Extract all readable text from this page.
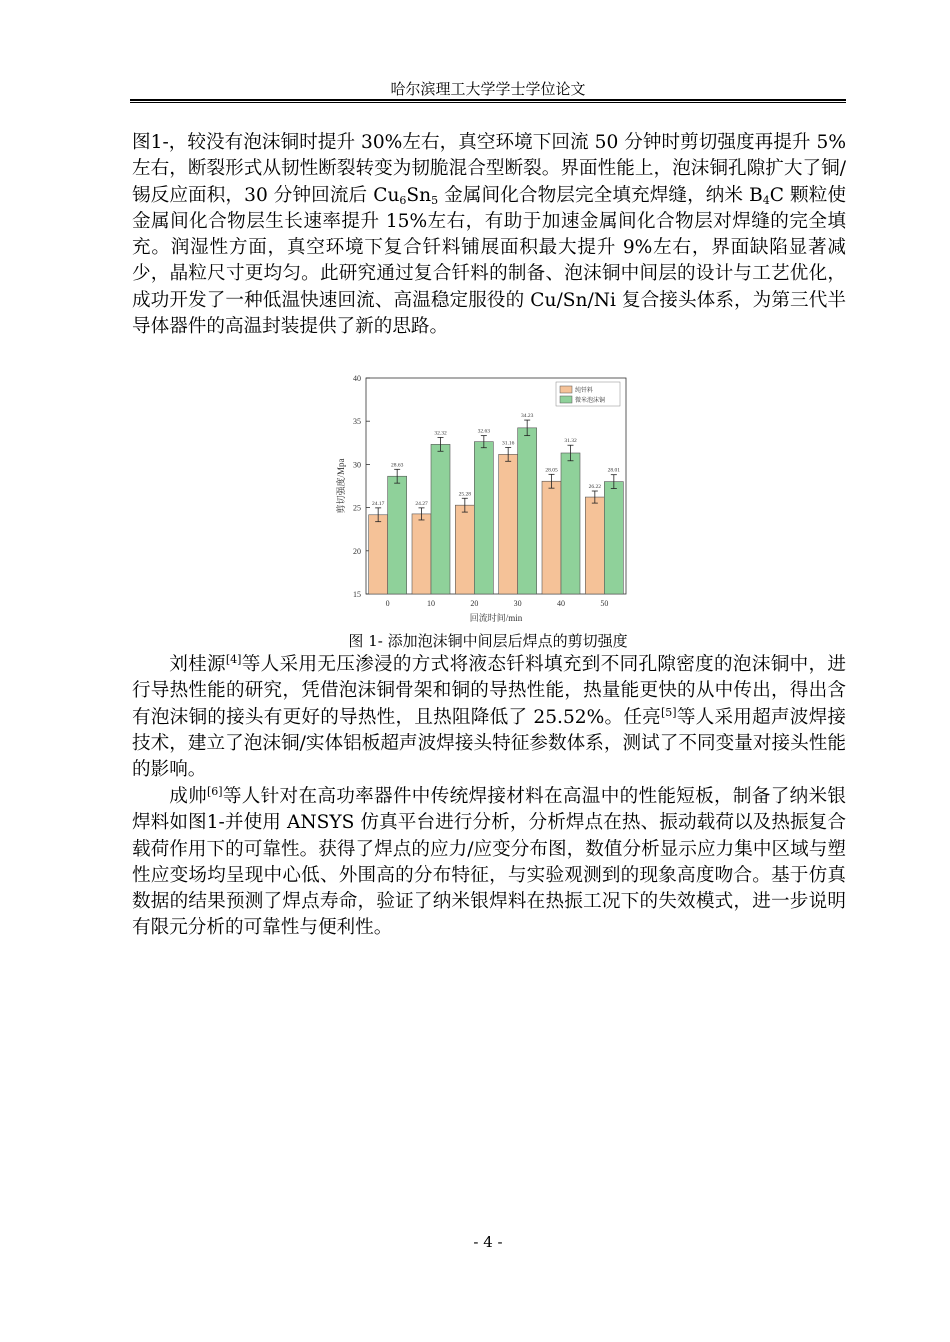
哈尔滨理工大学学士学位论文

图1-，较没有泡沫铜时提升 30%左右，真空环境下回流 50 分钟时剪切强度再提升 5%左右，断裂形式从韧性断裂转变为韧脆混合型断裂。界面性能上，泡沫铜孔隙扩大了铜/锡反应面积，30 分钟回流后 $Cu_6Sn_5$ 金属间化合物层完全填充焊缝，纳米 $B_4C$ 颗粒使金属间化合物层生长速率提升 15%左右，有助于加速金属间化合物层对焊缝的完全填充。润湿性方面，真空环境下复合钎料铺展面积最大提升 9%左右，界面缺陷显著减少，晶粒尺寸更均匀。此研究通过复合钎料的制备、泡沫铜中间层的设计与工艺优化，成功开发了一种低温快速回流、高温稳定服役的 Cu/Sn/Ni 复合接头体系，为第三代半导体器件的高温封装提供了新的思路。

15
20
25
30
35
40
0
24.17
28.63
10
24.27
32.32
20
25.28
32.63
30
31.16
34.23
40
28.05
31.32
50
26.22
28.01
回流时间/min
剪切强度/Mpa
纯钎料
微米泡沫铜
图 1- 添加泡沫铜中间层后焊点的剪切强度

刘桂源[4]等人采用无压渗浸的方式将液态钎料填充到不同孔隙密度的泡沫铜中，进行导热性能的研究，凭借泡沫铜骨架和铜的导热性能，热量能更快的从中传出，得出含有泡沫铜的接头有更好的导热性，且热阻降低了 25.52%。任亮[5]等人采用超声波焊接技术，建立了泡沫铜/实体铝板超声波焊接头特征参数体系，测试了不同变量对接头性能的影响。

成帅[6]等人针对在高功率器件中传统焊接材料在高温中的性能短板，制备了纳米银焊料如图1-并使用 ANSYS 仿真平台进行分析，分析焊点在热、振动载荷以及热振复合载荷作用下的可靠性。获得了焊点的应力/应变分布图，数值分析显示应力集中区域与塑性应变场均呈现中心低、外围高的分布特征，与实验观测到的现象高度吻合。基于仿真数据的结果预测了焊点寿命，验证了纳米银焊料在热振工况下的失效模式，进一步说明有限元分析的可靠性与便利性。

- 4 -
